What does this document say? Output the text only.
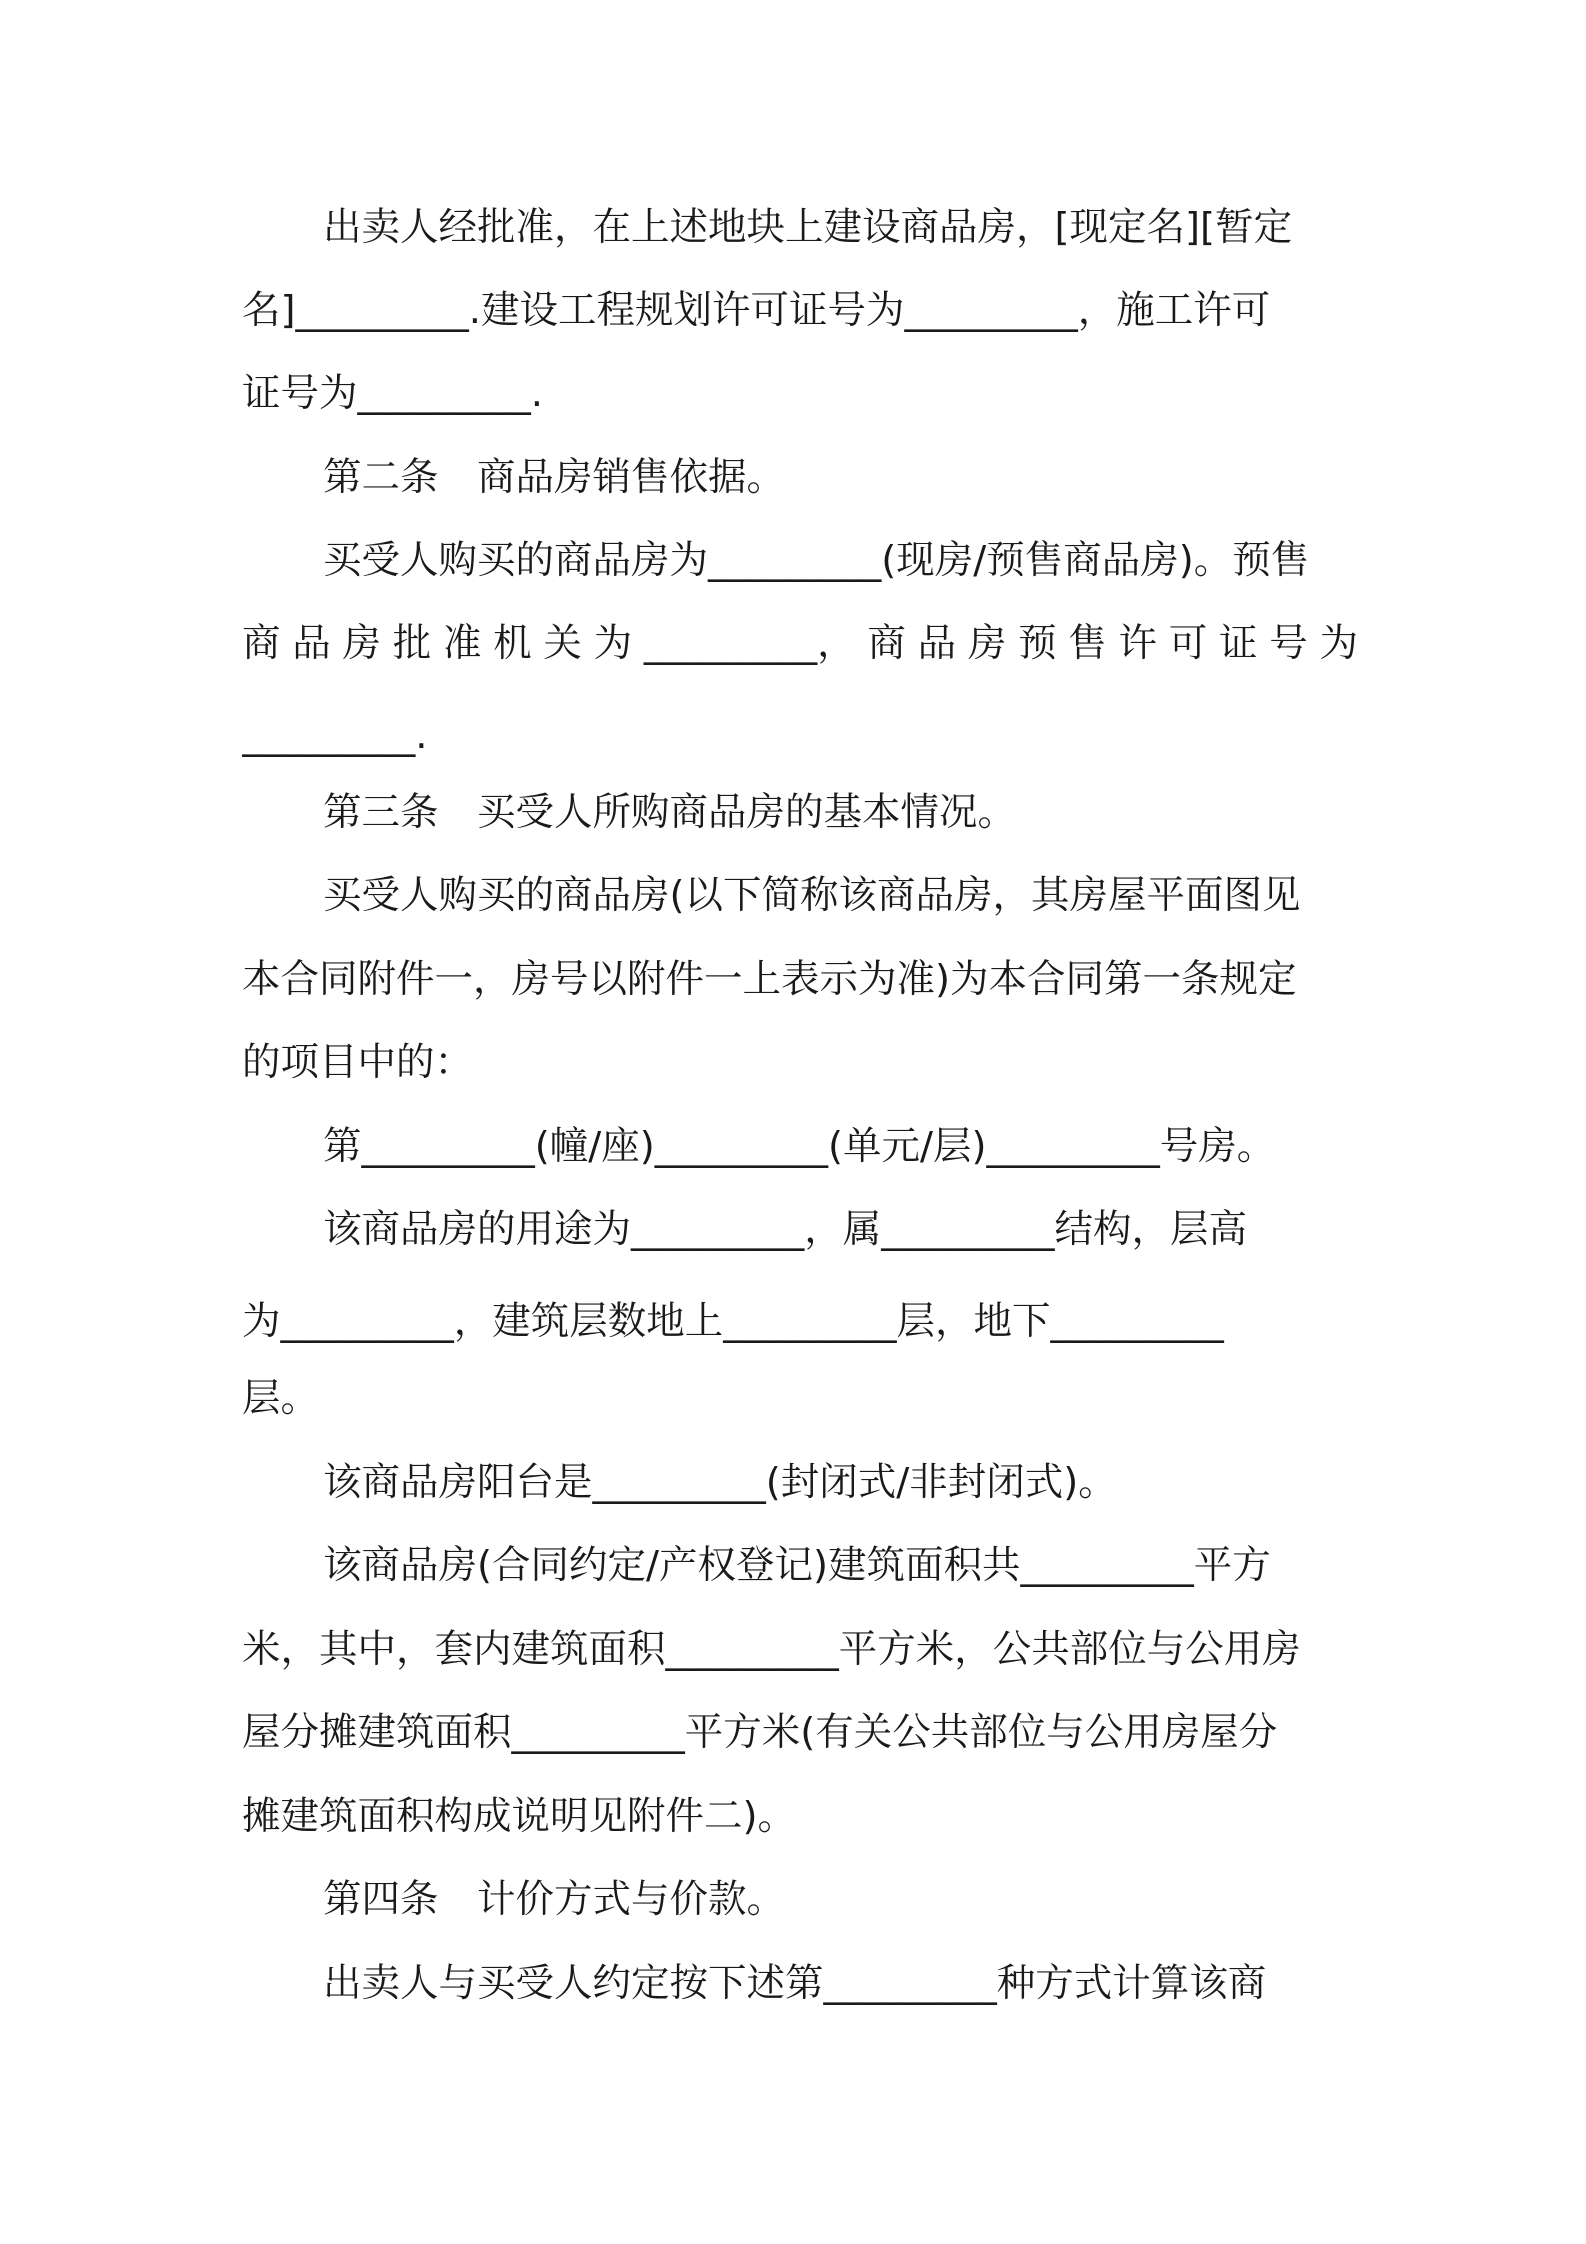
出卖人经批准，在上述地块上建设商品房，[现定名][暂定
名]_________.建设工程规划许可证号为_________，施工许可
证号为_________.
第二条　商品房销售依据。
买受人购买的商品房为_________(现房/预售商品房)。预售
商 品 房 批 准 机 关 为 _________， 商 品 房 预 售 许 可 证 号 为
_________.
第三条　买受人所购商品房的基本情况。
买受人购买的商品房(以下简称该商品房，其房屋平面图见
本合同附件一，房号以附件一上表示为准)为本合同第一条规定
的项目中的：
第_________(幢/座)_________(单元/层)_________号房。
该商品房的用途为_________，属_________结构，层高
为_________，建筑层数地上_________层，地下_________
层。
该商品房阳台是_________(封闭式/非封闭式)。
该商品房(合同约定/产权登记)建筑面积共_________平方
米，其中，套内建筑面积_________平方米，公共部位与公用房
屋分摊建筑面积_________平方米(有关公共部位与公用房屋分
摊建筑面积构成说明见附件二)。
第四条　计价方式与价款。
出卖人与买受人约定按下述第_________种方式计算该商
